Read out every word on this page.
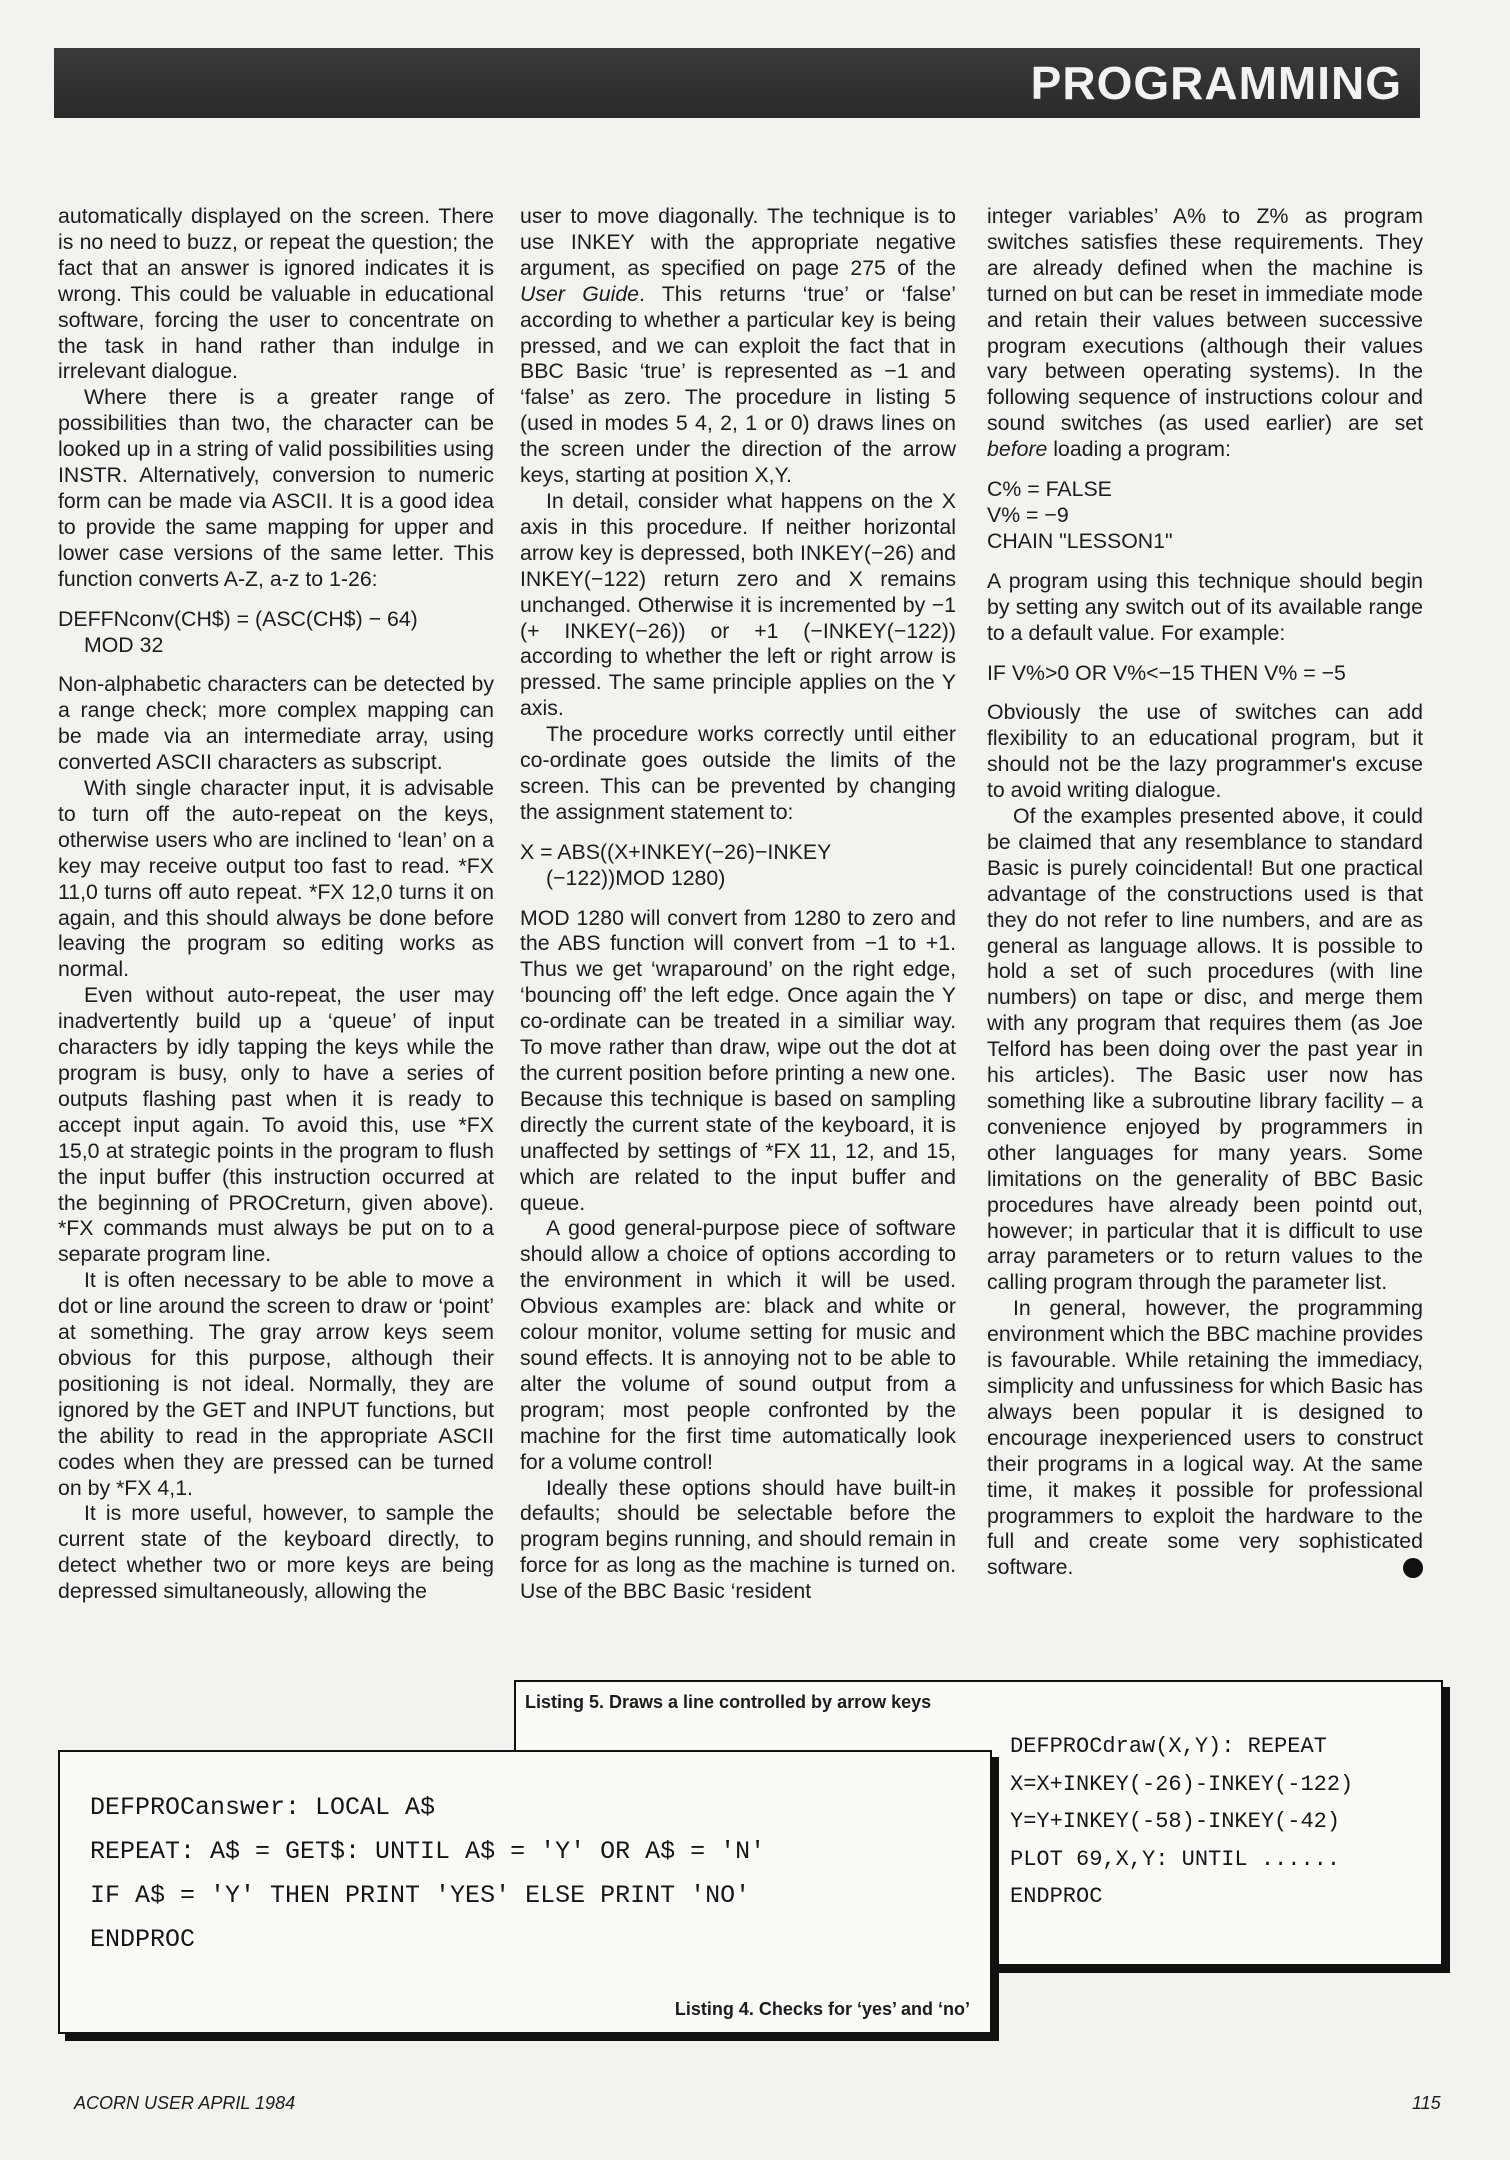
PROGRAMMING

automatically displayed on the screen. There is no need to buzz, or repeat the question; the fact that an answer is ignored indicates it is wrong. This could be valuable in educational software, forcing the user to concentrate on the task in hand rather than indulge in irrelevant dialogue.

Where there is a greater range of possibilities than two, the character can be looked up in a string of valid possibilities using INSTR. Alternatively, conversion to numeric form can be made via ASCII. It is a good idea to provide the same mapping for upper and lower case versions of the same letter. This function converts A-Z, a-z to 1-26:

DEFFNconv(CH$) = (ASC(CH$) − 64)
MOD 32

Non-alphabetic characters can be detected by a range check; more complex mapping can be made via an intermediate array, using converted ASCII characters as subscript.

With single character input, it is advisable to turn off the auto-repeat on the keys, otherwise users who are inclined to ‘lean’ on a key may receive output too fast to read. *FX 11,0 turns off auto repeat. *FX 12,0 turns it on again, and this should always be done before leaving the program so editing works as normal.

Even without auto-repeat, the user may inadvertently build up a ‘queue’ of input characters by idly tapping the keys while the program is busy, only to have a series of outputs flashing past when it is ready to accept input again. To avoid this, use *FX 15,0 at strategic points in the program to flush the input buffer (this instruction occurred at the beginning of PROCreturn, given above). *FX commands must always be put on to a separate program line.

It is often necessary to be able to move a dot or line around the screen to draw or ‘point’ at something. The gray arrow keys seem obvious for this purpose, although their positioning is not ideal. Normally, they are ignored by the GET and INPUT functions, but the ability to read in the appropriate ASCII codes when they are pressed can be turned on by *FX 4,1.

It is more useful, however, to sample the current state of the keyboard directly, to detect whether two or more keys are being depressed simultaneously, allowing the

user to move diagonally. The technique is to use INKEY with the appropriate negative argument, as specified on page 275 of the User Guide. This returns ‘true’ or ‘false’ according to whether a particular key is being pressed, and we can exploit the fact that in BBC Basic ‘true’ is represented as −1 and ‘false’ as zero. The procedure in listing 5 (used in modes 5 4, 2, 1 or 0) draws lines on the screen under the direction of the arrow keys, starting at position X,Y.

In detail, consider what happens on the X axis in this procedure. If neither horizontal arrow key is depressed, both INKEY(−26) and INKEY(−122) return zero and X remains unchanged. Otherwise it is incremented by −1 (+ INKEY(−26)) or +1 (−INKEY(−122)) according to whether the left or right arrow is pressed. The same principle applies on the Y axis.

The procedure works correctly until either co-ordinate goes outside the limits of the screen. This can be prevented by changing the assignment statement to:

X = ABS((X+INKEY(−26)−INKEY
(−122))MOD 1280)

MOD 1280 will convert from 1280 to zero and the ABS function will convert from −1 to +1. Thus we get ‘wraparound’ on the right edge, ‘bouncing off’ the left edge. Once again the Y co-ordinate can be treated in a similiar way. To move rather than draw, wipe out the dot at the current position before printing a new one. Because this technique is based on sampling directly the current state of the keyboard, it is unaffected by settings of *FX 11, 12, and 15, which are related to the input buffer and queue.

A good general-purpose piece of software should allow a choice of options according to the environment in which it will be used. Obvious examples are: black and white or colour monitor, volume setting for music and sound effects. It is annoying not to be able to alter the volume of sound output from a program; most people confronted by the machine for the first time automatically look for a volume control!

Ideally these options should have built-in defaults; should be selectable before the program begins running, and should remain in force for as long as the machine is turned on. Use of the BBC Basic ‘resident

integer variables’ A% to Z% as program switches satisfies these requirements. They are already defined when the machine is turned on but can be reset in immediate mode and retain their values between successive program executions (although their values vary between operating systems). In the following sequence of instructions colour and sound switches (as used earlier) are set before loading a program:

C% = FALSE
V% = −9
CHAIN "LESSON1"

A program using this technique should begin by setting any switch out of its available range to a default value. For example:

IF V%>0 OR V%<−15 THEN V% = −5

Obviously the use of switches can add flexibility to an educational program, but it should not be the lazy programmer's excuse to avoid writing dialogue.

Of the examples presented above, it could be claimed that any resemblance to standard Basic is purely coincidental! But one practical advantage of the constructions used is that they do not refer to line numbers, and are as general as language allows. It is possible to hold a set of such procedures (with line numbers) on tape or disc, and merge them with any program that requires them (as Joe Telford has been doing over the past year in his articles). The Basic user now has something like a subroutine library facility – a convenience enjoyed by programmers in other languages for many years. Some limitations on the generality of BBC Basic procedures have already been pointd out, however; in particular that it is difficult to use array parameters or to return values to the calling program through the parameter list.

In general, however, the programming environment which the BBC machine provides is favourable. While retaining the immediacy, simplicity and unfussiness for which Basic has always been popular it is designed to encourage inexperienced users to construct their programs in a logical way. At the same time, it makeṣ it possible for professional programmers to exploit the hardware to the full and create some very sophisticated software.

Listing 5. Draws a line controlled by arrow keys
DEFPROCdraw(X,Y): REPEAT
X=X+INKEY(-26)-INKEY(-122)
Y=Y+INKEY(-58)-INKEY(-42)
PLOT 69,X,Y: UNTIL ......
ENDPROC
DEFPROCanswer: LOCAL A$
REPEAT: A$ = GET$: UNTIL A$ = 'Y' OR A$ = 'N'
IF A$ = 'Y' THEN PRINT 'YES' ELSE PRINT 'NO'
ENDPROC
Listing 4. Checks for ‘yes’ and ‘no’
ACORN USER APRIL 1984	115
